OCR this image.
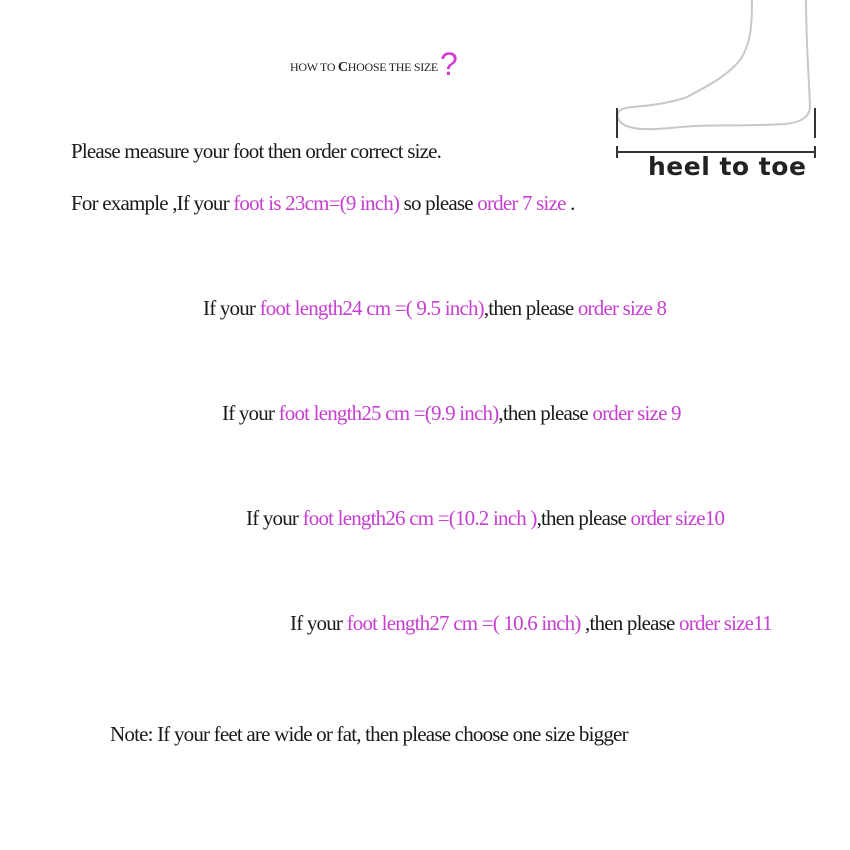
HOW TO CHOOSE THE SIZE?
heel to toe
Please measure your foot then order correct size.
For example ,If your foot is 23cm=(9 inch) so please order 7 size .
If your foot length24 cm =( 9.5 inch),then please order size 8
If your foot length25 cm =(9.9 inch),then please order size 9
If your foot length26 cm =(10.2 inch ),then please order size10
If your foot length27 cm =( 10.6 inch) ,then please order size11
Note: If your feet are wide or fat, then please choose one size bigger
